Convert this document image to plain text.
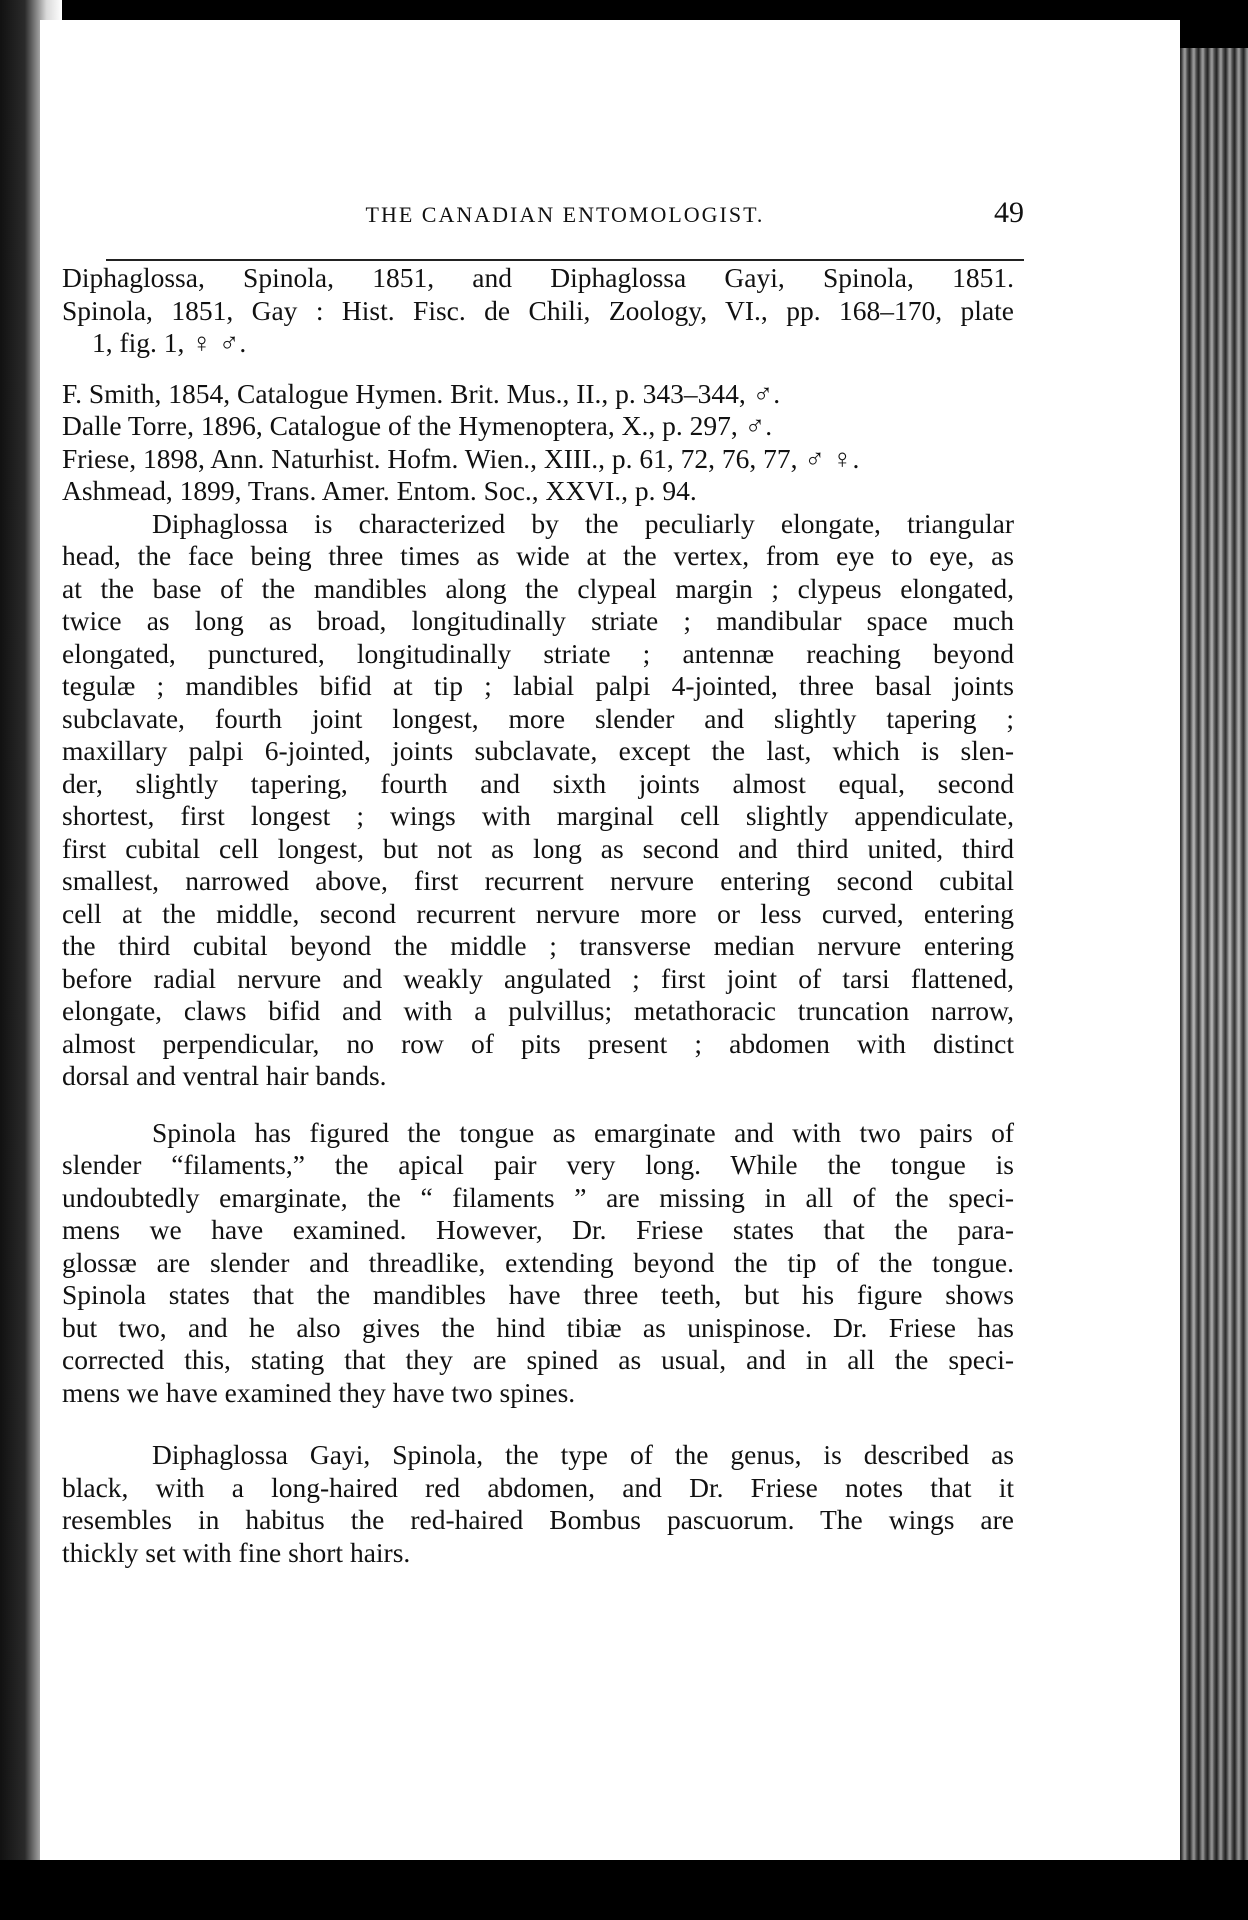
THE CANADIAN ENTOMOLOGIST.	49
Diphaglossa, Spinola, 1851, and Diphaglossa Gayi, Spinola, 1851.
Spinola, 1851, Gay : Hist. Fisc. de Chili, Zoology, VI., pp. 168–170, plate
1, fig. 1, ♀ ♂.
F. Smith, 1854, Catalogue Hymen. Brit. Mus., II., p. 343–344, ♂.
Dalle Torre, 1896, Catalogue of the Hymenoptera, X., p. 297, ♂.
Friese, 1898, Ann. Naturhist. Hofm. Wien., XIII., p. 61, 72, 76, 77, ♂ ♀.
Ashmead, 1899, Trans. Amer. Entom. Soc., XXVI., p. 94.
Diphaglossa is characterized by the peculiarly elongate, triangular
head, the face being three times as wide at the vertex, from eye to eye, as
at the base of the mandibles along the clypeal margin ; clypeus elongated,
twice as long as broad, longitudinally striate ; mandibular space much
elongated, punctured, longitudinally striate ; antennæ reaching beyond
tegulæ ; mandibles bifid at tip ; labial palpi 4-jointed, three basal joints
subclavate, fourth joint longest, more slender and slightly tapering ;
maxillary palpi 6-jointed, joints subclavate, except the last, which is slen-
der, slightly tapering, fourth and sixth joints almost equal, second
shortest, first longest ; wings with marginal cell slightly appendiculate,
first cubital cell longest, but not as long as second and third united, third
smallest, narrowed above, first recurrent nervure entering second cubital
cell at the middle, second recurrent nervure more or less curved, entering
the third cubital beyond the middle ; transverse median nervure entering
before radial nervure and weakly angulated ; first joint of tarsi flattened,
elongate, claws bifid and with a pulvillus; metathoracic truncation narrow,
almost perpendicular, no row of pits present ; abdomen with distinct
dorsal and ventral hair bands.
Spinola has figured the tongue as emarginate and with two pairs of
slender “filaments,” the apical pair very long. While the tongue is
undoubtedly emarginate, the “ filaments ” are missing in all of the speci-
mens we have examined. However, Dr. Friese states that the para-
glossæ are slender and threadlike, extending beyond the tip of the tongue.
Spinola states that the mandibles have three teeth, but his figure shows
but two, and he also gives the hind tibiæ as unispinose. Dr. Friese has
corrected this, stating that they are spined as usual, and in all the speci-
mens we have examined they have two spines.
Diphaglossa Gayi, Spinola, the type of the genus, is described as
black, with a long-haired red abdomen, and Dr. Friese notes that it
resembles in habitus the red-haired Bombus pascuorum. The wings are
thickly set with fine short hairs.
